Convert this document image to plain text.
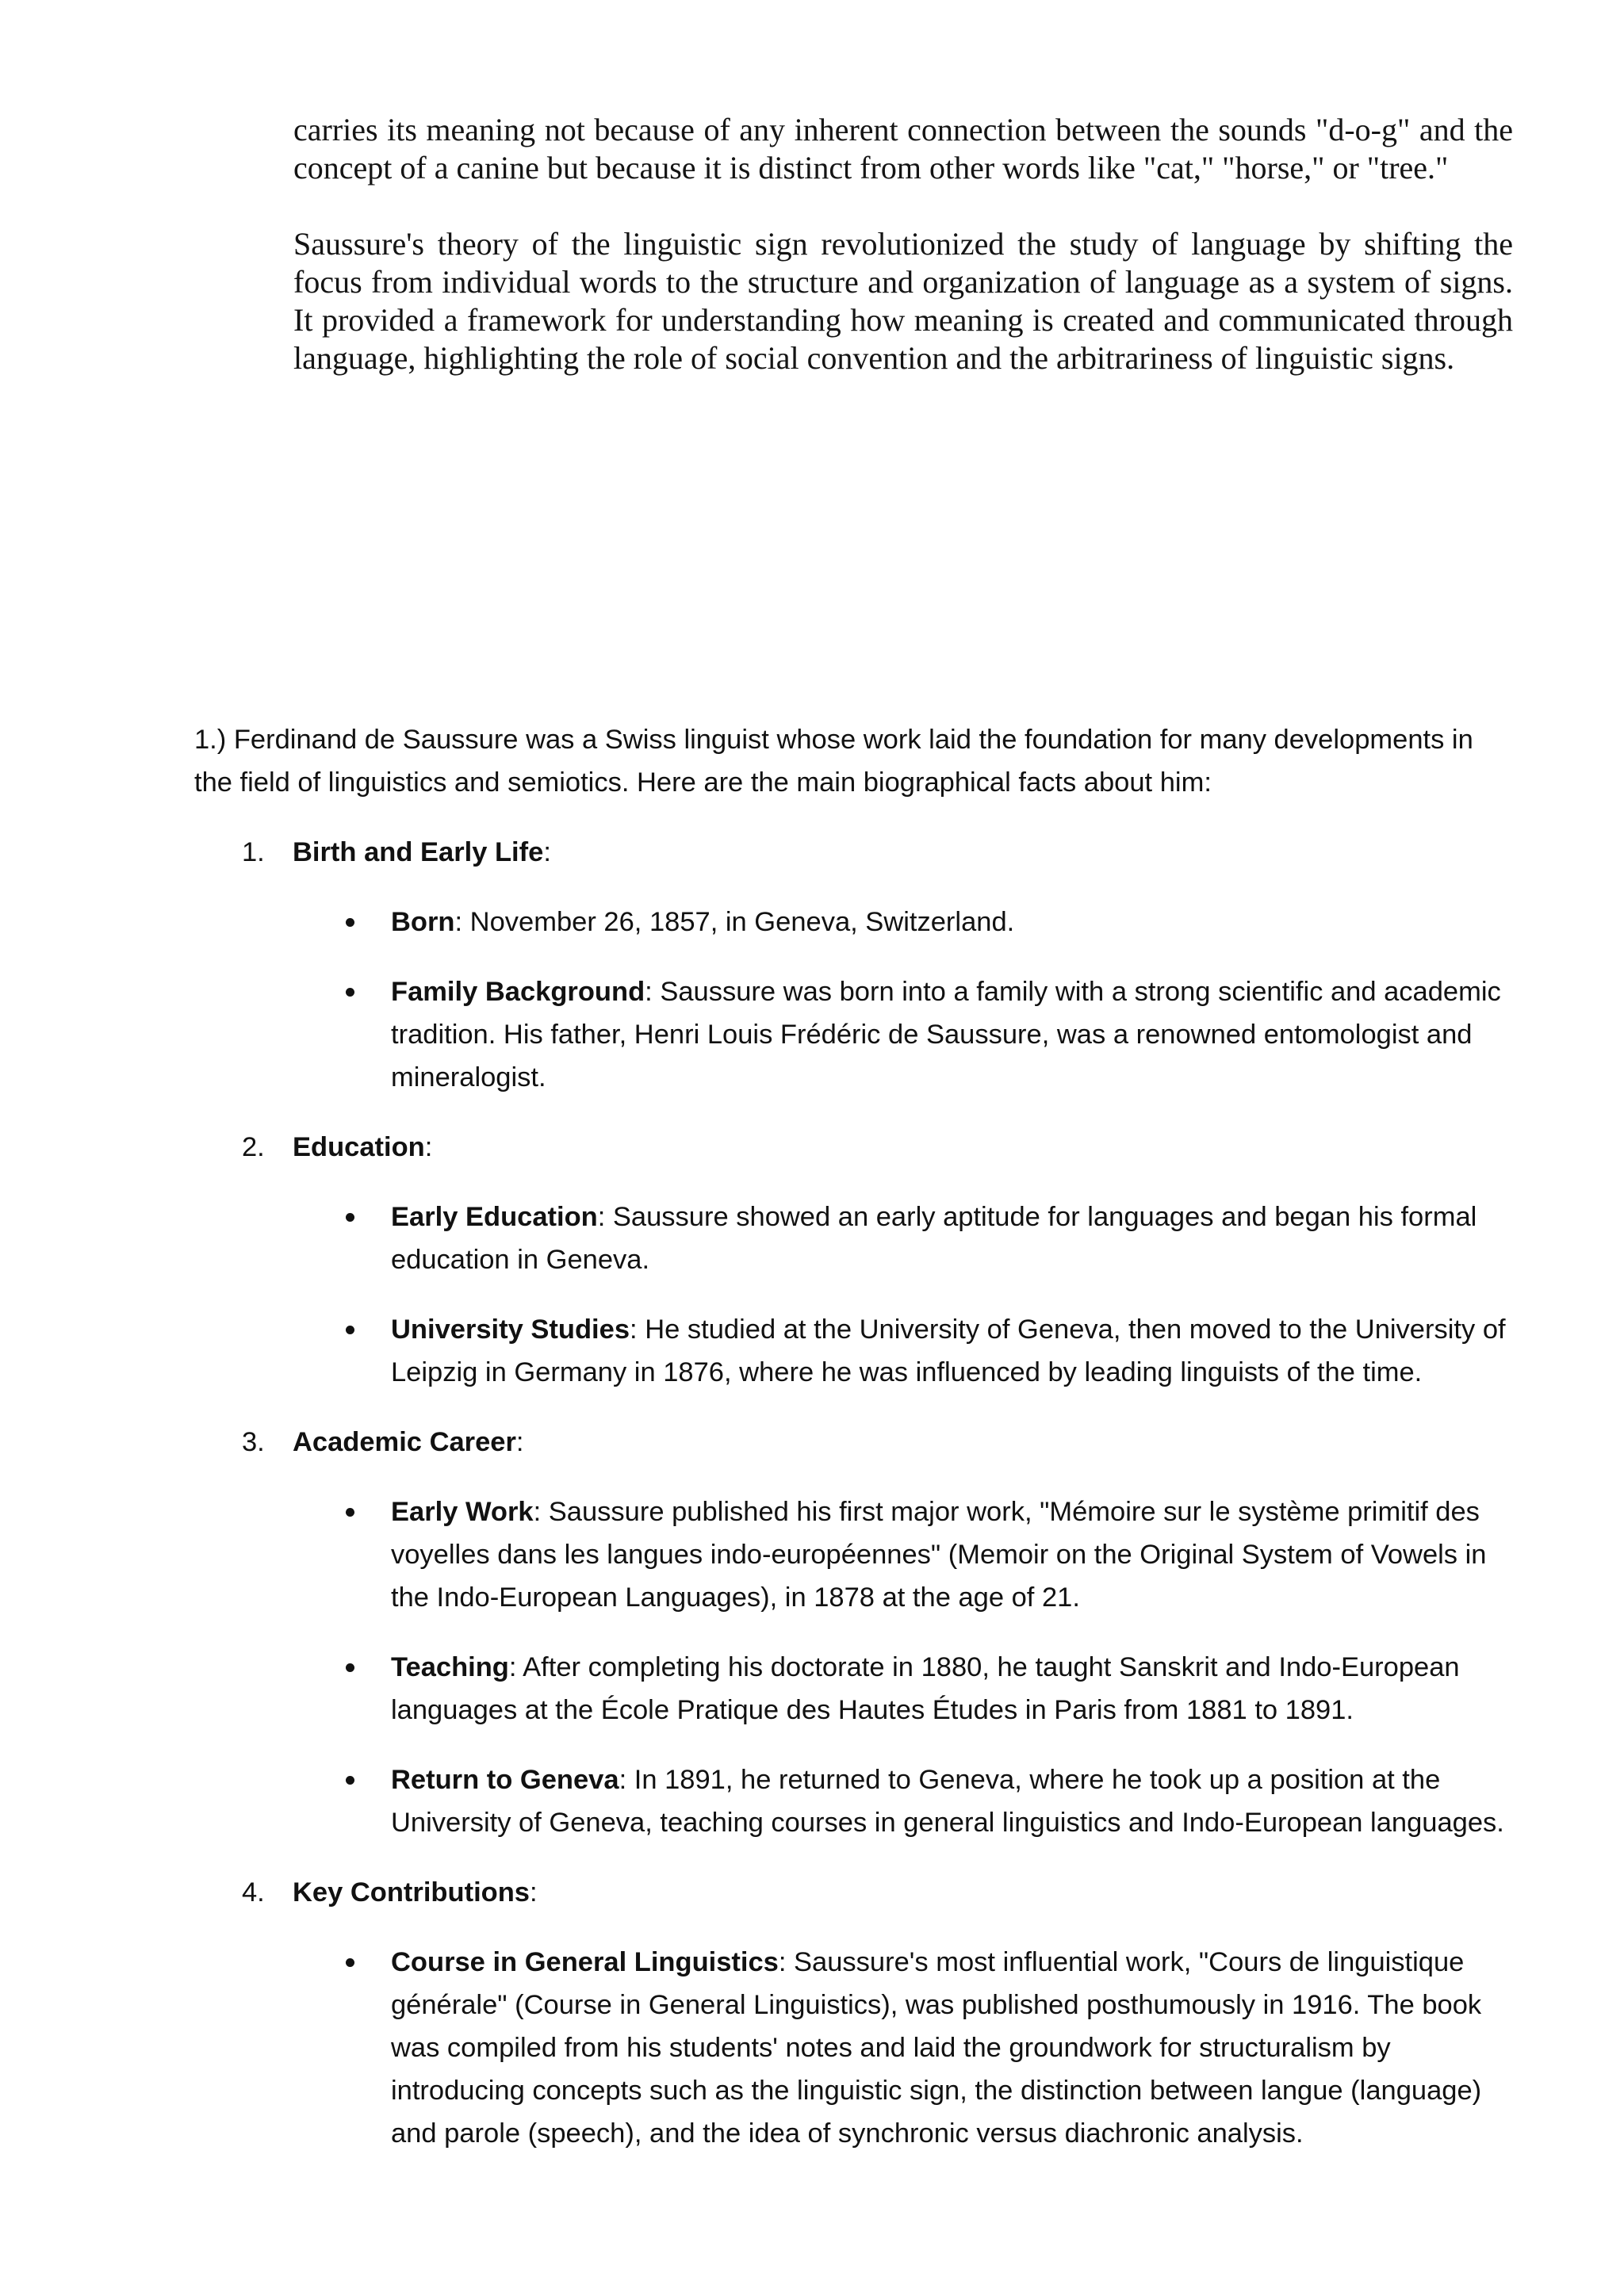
carries its meaning not because of any inherent connection between the sounds "d-o-g" and the concept of a canine but because it is distinct from other words like "cat," "horse," or "tree."

Saussure's theory of the linguistic sign revolutionized the study of language by shifting the focus from individual words to the structure and organization of language as a system of signs. It provided a framework for understanding how meaning is created and communicated through language, highlighting the role of social convention and the arbitrariness of linguistic signs.

1.) Ferdinand de Saussure was a Swiss linguist whose work laid the foundation for many developments in the field of linguistics and semiotics. Here are the main biographical facts about him:

1. Birth and Early Life:
Born: November 26, 1857, in Geneva, Switzerland.
Family Background: Saussure was born into a family with a strong scientific and academic tradition. His father, Henri Louis Frédéric de Saussure, was a renowned entomologist and mineralogist.
2. Education:
Early Education: Saussure showed an early aptitude for languages and began his formal education in Geneva.
University Studies: He studied at the University of Geneva, then moved to the University of Leipzig in Germany in 1876, where he was influenced by leading linguists of the time.
3. Academic Career:
Early Work: Saussure published his first major work, "Mémoire sur le système primitif des voyelles dans les langues indo-européennes" (Memoir on the Original System of Vowels in the Indo-European Languages), in 1878 at the age of 21.
Teaching: After completing his doctorate in 1880, he taught Sanskrit and Indo-European languages at the École Pratique des Hautes Études in Paris from 1881 to 1891.
Return to Geneva: In 1891, he returned to Geneva, where he took up a position at the University of Geneva, teaching courses in general linguistics and Indo-European languages.
4. Key Contributions:
Course in General Linguistics: Saussure's most influential work, "Cours de linguistique générale" (Course in General Linguistics), was published posthumously in 1916. The book was compiled from his students' notes and laid the groundwork for structuralism by introducing concepts such as the linguistic sign, the distinction between langue (language) and parole (speech), and the idea of synchronic versus diachronic analysis.
